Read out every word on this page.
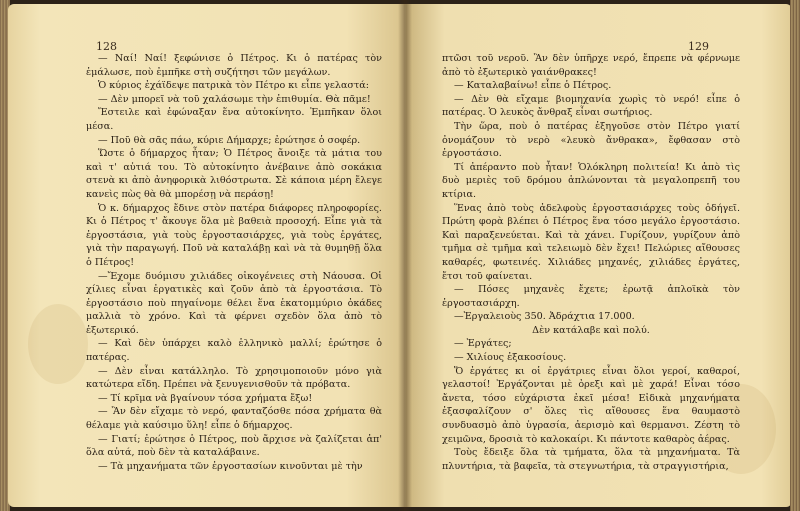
128

— Ναί! Ναί! ξεφώνισε ὁ Πέτρος. Κι ὁ πατέρας τὸν ἐμάλωσε, ποὺ ἐμπῆκε στὴ συζήτησι τῶν μεγάλων.

Ὁ κύριος ἐχάϊδεψε πατρικὰ τὸν Πέτρο κι εἶπε γελαστά:

— Δὲν μπορεῖ νὰ τοῦ χαλάσωμε τὴν ἐπιθυμία. Θὰ πᾶμε!

Ἔστειλε καὶ ἐφώναξαν ἕνα αὐτοκίνητο. Ἐμπῆκαν ὅλοι μέσα.

— Ποῦ θὰ σᾶς πάω, κύριε Δήμαρχε; ἐρώτησε ὁ σοφέρ.

Ὥστε ὁ δήμαρχος ἦταν; Ὁ Πέτρος ἄνοιξε τὰ μάτια του καὶ τ' αὐτιά του. Τὸ αὐτοκίνητο ἀνέβαινε ἀπὸ σοκάκια στενὰ κι ἀπὸ ἀνηφορικὰ λιθόστρωτα. Σὲ κάποια μέρη ἔλεγε κανεὶς πὼς θὰ θὰ μπορέσῃ νὰ περάσῃ!

Ὁ κ. δήμαρχος ἔδινε στὸν πατέρα διάφορες πληροφορίες. Κι ὁ Πέτρος τ' ἄκουγε ὅλα μὲ βαθειὰ προσοχή. Εἶπε γιὰ τὰ ἐργοστάσια, γιὰ τοὺς ἐργοστασιάρχες, γιὰ τοὺς ἐργάτες, γιὰ τὴν παραγωγή. Ποῦ νὰ καταλάβῃ καὶ νὰ τὰ θυμηθῇ ὅλα ὁ Πέτρος!

—Ἔχομε δυόμισυ χιλιάδες οἰκογένειες στὴ Νάουσα. Οἱ χίλιες εἶναι ἐργατικὲς καὶ ζοῦν ἀπὸ τὰ ἐργοστάσια. Τὸ ἐργοστάσιο ποὺ πηγαίνομε θέλει ἕνα ἑκατομμύριο ὀκάδες μαλλιὰ τὸ χρόνο. Καὶ τὰ φέρνει σχεδὸν ὅλα ἀπὸ τὸ ἐξωτερικό.

— Καὶ δὲν ὑπάρχει καλὸ ἑλληνικὸ μαλλί; ἐρώτησε ὁ πατέρας.

— Δὲν εἶναι κατάλληλο. Τὸ χρησιμοποιοῦν μόνο γιὰ κατώτερα εἴδη. Πρέπει νὰ ξενυγενισθοῦν τὰ πρόβατα.

— Τί κρῖμα νὰ βγαίνουν τόσα χρήματα ἔξω!

— Ἂν δὲν εἴχαμε τὸ νερό, φανταζόσθε πόσα χρήματα θὰ θέλαμε γιὰ καύσιμο ὕλη! εἶπε ὁ δήμαρχος.

— Γιατί; ἐρώτησε ὁ Πέτρος, ποὺ ἄρχισε νὰ ζαλίζεται ἀπ' ὅλα αὐτά, ποὺ δὲν τὰ καταλάβαινε.

— Τὰ μηχανήματα τῶν ἐργοστασίων κινοῦνται μὲ τὴν

129

πτῶσι τοῦ νεροῦ. Ἂν δὲν ὑπῆρχε νερό, ἔπρεπε νὰ φέρνωμε ἀπὸ τὸ ἐξωτερικὸ γαιάνθρακες!

— Καταλαβαίνω! εἶπε ὁ Πέτρος.

— Δὲν θὰ εἴχαμε βιομηχανία χωρὶς τὸ νερό! εἶπε ὁ πατέρας. Ὁ λευκὸς ἄνθραξ εἶναι σωτήριος.

Τὴν ὥρα, ποὺ ὁ πατέρας ἐξηγοῦσε στὸν Πέτρο γιατί ὀνομάζουν τὸ νερὸ «λευκὸ ἄνθρακα», ἔφθασαν στὸ ἐργοστάσιο.

Τί ἀπέραντο ποὺ ἦταν! Ὁλόκληρη πολιτεία! Κι ἀπὸ τὶς δυὸ μεριὲς τοῦ δρόμου ἁπλώνονται τὰ μεγαλοπρεπῆ του κτίρια.

Ἕνας ἀπὸ τοὺς ἀδελφοὺς ἐργοστασιάρχες τοὺς ὁδήγεῖ. Πρώτη φορὰ βλέπει ὁ Πέτρος ἕνα τόσο μεγάλο ἐργοστάσιο. Καὶ παραξενεύεται. Καὶ τὰ χάνει. Γυρίζουν, γυρίζουν ἀπὸ τμῆμα σὲ τμῆμα καὶ τελειωμὸ δὲν ἔχει! Πελώριες αἴθουσες καθαρές, φωτεινές. Χιλιάδες μηχανές, χιλιάδες ἐργάτες, ἔτσι τοῦ φαίνεται.

— Πόσες μηχανὲς ἔχετε; ἐρωτᾷ ἀπλοϊκὰ τὸν ἐργοστασιάρχη.

—Ἐργαλειοὺς 350. Ἀδράχτια 17.000.

Δὲν κατάλαβε καὶ πολύ.

— Ἐργάτες;

— Χιλίους ἐξακοσίους.

Ὅ ἐργάτες κι οἱ ἐργάτριες εἶναι ὅλοι γεροί, καθαροί, γελαστοί! Ἐργάζονται μὲ ὀρεξι καὶ μὲ χαρά! Εἶναι τόσο ἄνετα, τόσο εὐχάριστα ἐκεῖ μέσα! Εἰδικὰ μηχανήματα ἐξασφαλίζουν σ' ὅλες τὶς αἴθουσες ἕνα θαυμαστὸ συνδυασμὸ ἀπὸ ὑγρασία, ἀερισμὸ καὶ θερμανσι. Ζέστη τὸ χειμῶνα, δροσιὰ τὸ καλοκαίρι. Κι πάντοτε καθαρὸς ἀέρας.

Τοὺς ἔδειξε ὅλα τὰ τμήματα, ὅλα τὰ μηχανήματα. Τὰ πλυντήρια, τὰ βαφεῖα, τὰ στεγνωτήρια, τὰ στραγγιστήρια,
